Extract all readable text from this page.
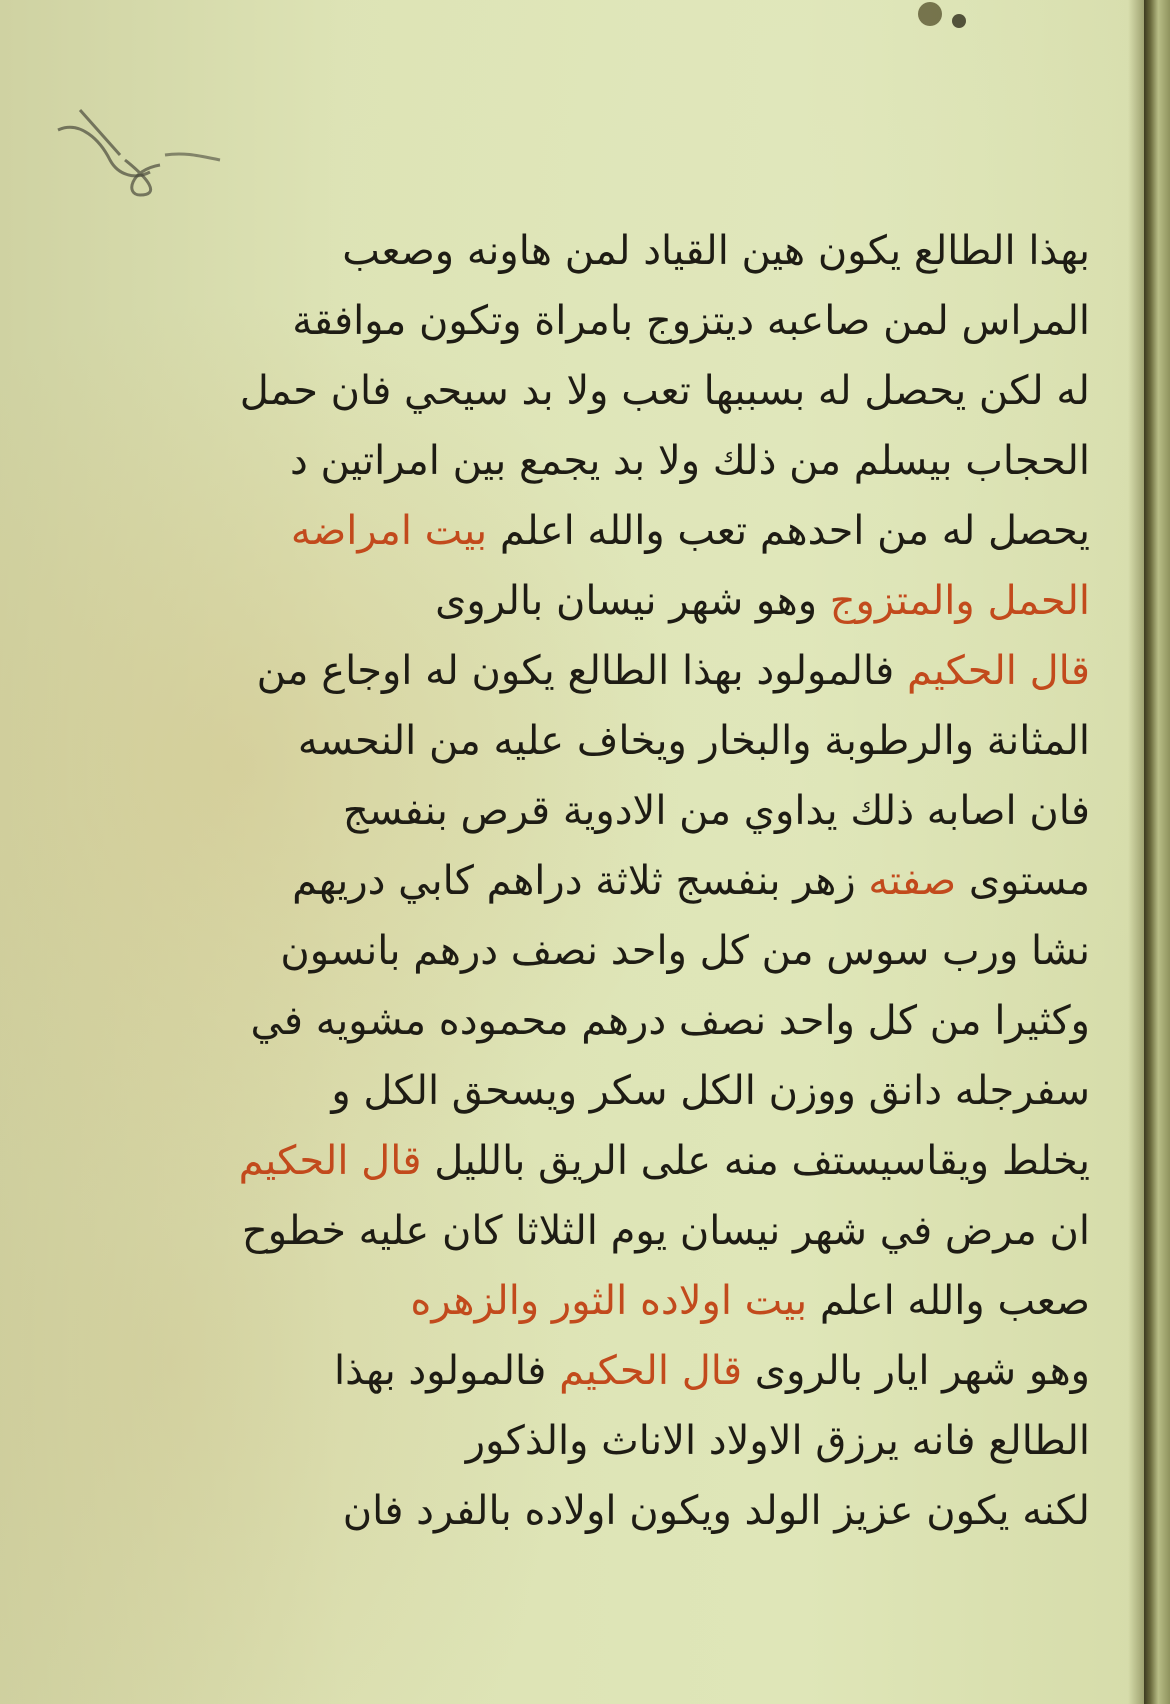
بهذا الطالع يكون هين القياد لمن هاونه وصعب
المراس لمن صاعبه ديتزوج بامراة وتكون موافقة
له لكن يحصل له بسببها تعب ولا بد سيحي فان حمل
الحجاب بيسلم من ذلك ولا بد يجمع بين امراتين د
يحصل له من احدهم تعب والله اعلم بيت امراضه
الحمل والمتزوج وهو شهر نيسان بالروى
قال الحكيم فالمولود بهذا الطالع يكون له اوجاع من
المثانة والرطوبة والبخار ويخاف عليه من النحسه
فان اصابه ذلك يداوي من الادوية قرص بنفسج
مستوى صفته زهر بنفسج ثلاثة دراهم كابي دريهم
نشا ورب سوس من كل واحد نصف درهم بانسون
وكثيرا من كل واحد نصف درهم محموده مشويه في
سفرجله دانق ووزن الكل سكر ويسحق الكل و
يخلط ويقاسيستف منه على الريق بالليل قال الحكيم
ان مرض في شهر نيسان يوم الثلاثا كان عليه خطوح
صعب والله اعلم بيت اولاده الثور والزهره
وهو شهر ايار بالروى قال الحكيم فالمولود بهذا
الطالع فانه يرزق الاولاد الاناث والذكور
لكنه يكون عزيز الولد ويكون اولاده بالفرد فان
